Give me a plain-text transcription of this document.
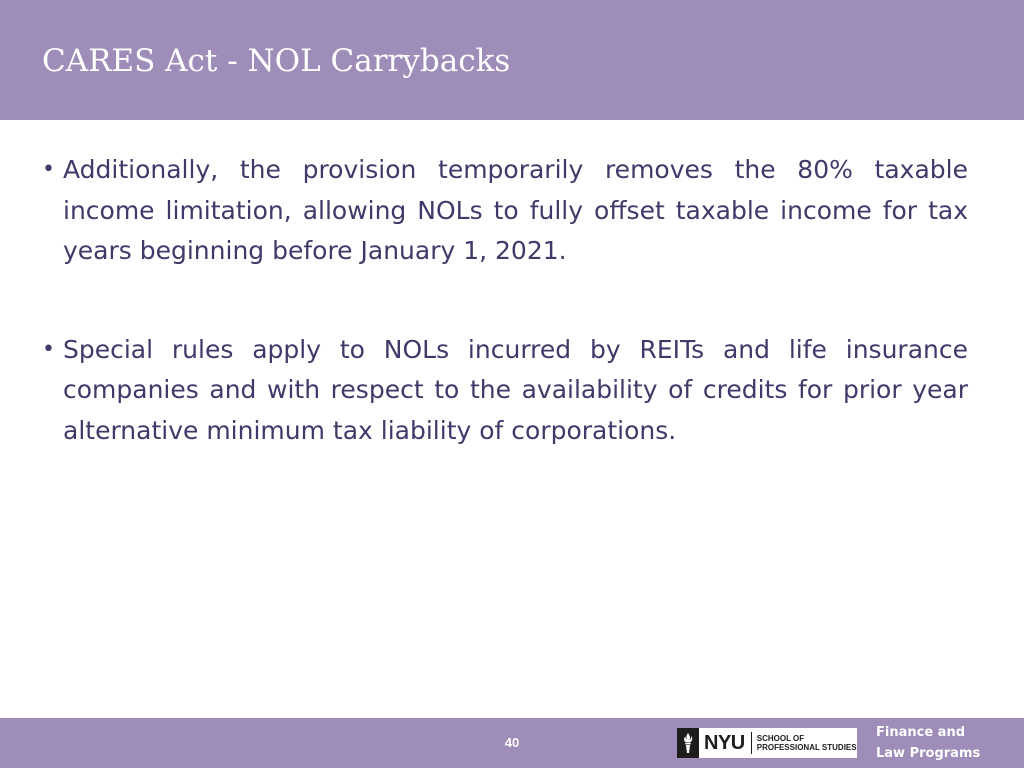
CARES Act - NOL Carrybacks
• Additionally, the provision temporarily removes the 80% taxable income limitation, allowing NOLs to fully offset taxable income for tax years beginning before January 1, 2021.
• Special rules apply to NOLs incurred by REITs and life insurance companies and with respect to the availability of credits for prior year alternative minimum tax liability of corporations.
40	NYU	SCHOOL OF
PROFESSIONAL STUDIES
Finance and
Law Programs
